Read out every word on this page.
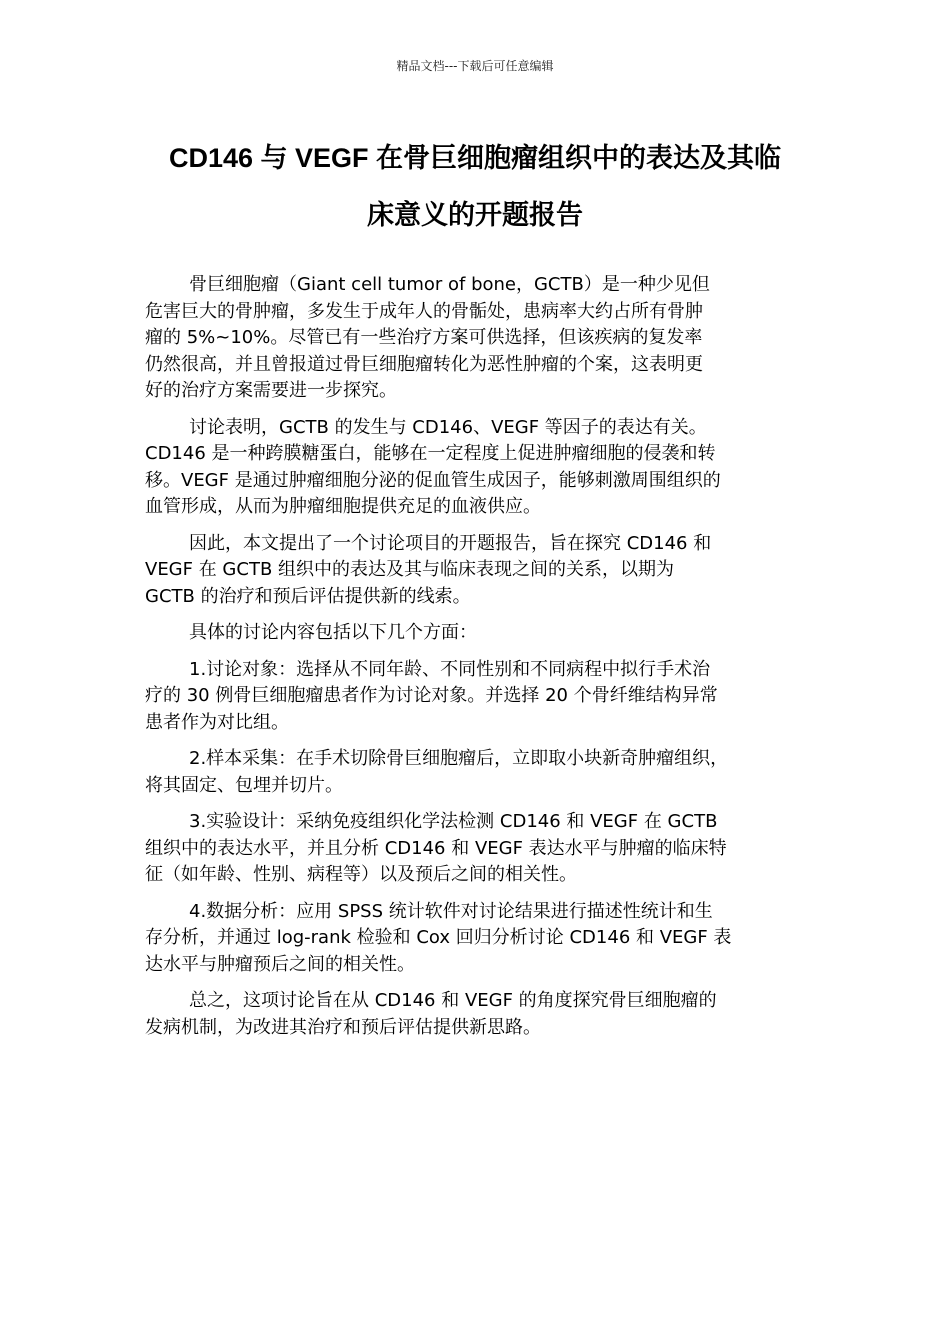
精品文档---下载后可任意编辑
CD146 与 VEGF 在骨巨细胞瘤组织中的表达及其临
床意义的开题报告

骨巨细胞瘤（Giant cell tumor of bone，GCTB）是一种少见但
危害巨大的骨肿瘤，多发生于成年人的骨骺处，患病率大约占所有骨肿
瘤的 5%~10%。尽管已有一些治疗方案可供选择，但该疾病的复发率
仍然很高，并且曾报道过骨巨细胞瘤转化为恶性肿瘤的个案，这表明更
好的治疗方案需要进一步探究。

讨论表明，GCTB 的发生与 CD146、VEGF 等因子的表达有关。
CD146 是一种跨膜糖蛋白，能够在一定程度上促进肿瘤细胞的侵袭和转
移。VEGF 是通过肿瘤细胞分泌的促血管生成因子，能够刺激周围组织的
血管形成，从而为肿瘤细胞提供充足的血液供应。

因此，本文提出了一个讨论项目的开题报告，旨在探究 CD146 和
VEGF 在 GCTB 组织中的表达及其与临床表现之间的关系，以期为
GCTB 的治疗和预后评估提供新的线索。

具体的讨论内容包括以下几个方面：

1.讨论对象：选择从不同年龄、不同性别和不同病程中拟行手术治
疗的 30 例骨巨细胞瘤患者作为讨论对象。并选择 20 个骨纤维结构异常
患者作为对比组。

2.样本采集：在手术切除骨巨细胞瘤后，立即取小块新奇肿瘤组织，
将其固定、包埋并切片。

3.实验设计：采纳免疫组织化学法检测 CD146 和 VEGF 在 GCTB
组织中的表达水平，并且分析 CD146 和 VEGF 表达水平与肿瘤的临床特
征（如年龄、性别、病程等）以及预后之间的相关性。

4.数据分析：应用 SPSS 统计软件对讨论结果进行描述性统计和生
存分析，并通过 log-rank 检验和 Cox 回归分析讨论 CD146 和 VEGF 表
达水平与肿瘤预后之间的相关性。

总之，这项讨论旨在从 CD146 和 VEGF 的角度探究骨巨细胞瘤的
发病机制，为改进其治疗和预后评估提供新思路。
